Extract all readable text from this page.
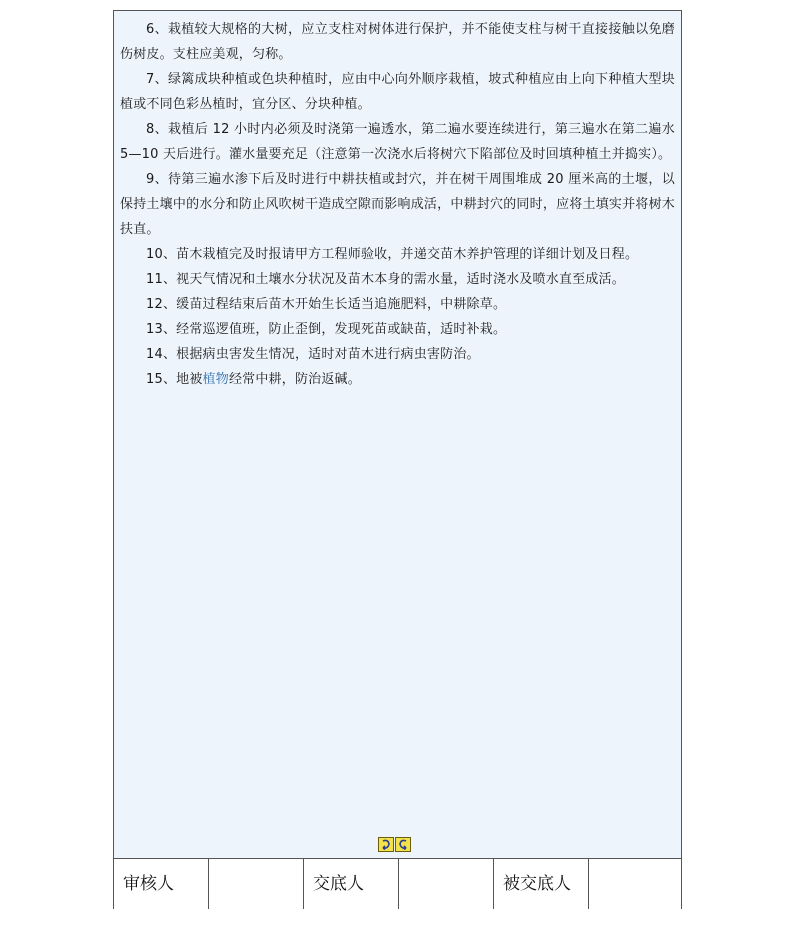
6、栽植较大规格的大树，应立支柱对树体进行保护，并不能使支柱与树干直接接触以免磨伤树皮。支柱应美观，匀称。

7、绿篱成块种植或色块种植时，应由中心向外顺序栽植，坡式种植应由上向下种植大型块植或不同色彩丛植时，宜分区、分块种植。

8、栽植后 12 小时内必须及时浇第一遍透水，第二遍水要连续进行，第三遍水在第二遍水 5—10 天后进行。灌水量要充足（注意第一次浇水后将树穴下陷部位及时回填种植土并捣实）。

9、待第三遍水渗下后及时进行中耕扶植或封穴，并在树干周围堆成 20 厘米高的土堰，以保持土壤中的水分和防止风吹树干造成空隙而影响成活，中耕封穴的同时，应将土填实并将树木扶直。

10、苗木栽植完及时报请甲方工程师验收，并递交苗木养护管理的详细计划及日程。

11、视天气情况和土壤水分状况及苗木本身的需水量，适时浇水及喷水直至成活。

12、缓苗过程结束后苗木开始生长适当追施肥料，中耕除草。

13、经常巡逻值班，防止歪倒，发现死苗或缺苗，适时补栽。

14、根据病虫害发生情况，适时对苗木进行病虫害防治。

15、地被植物经常中耕，防治返碱。

审核人	交底人	被交底人
